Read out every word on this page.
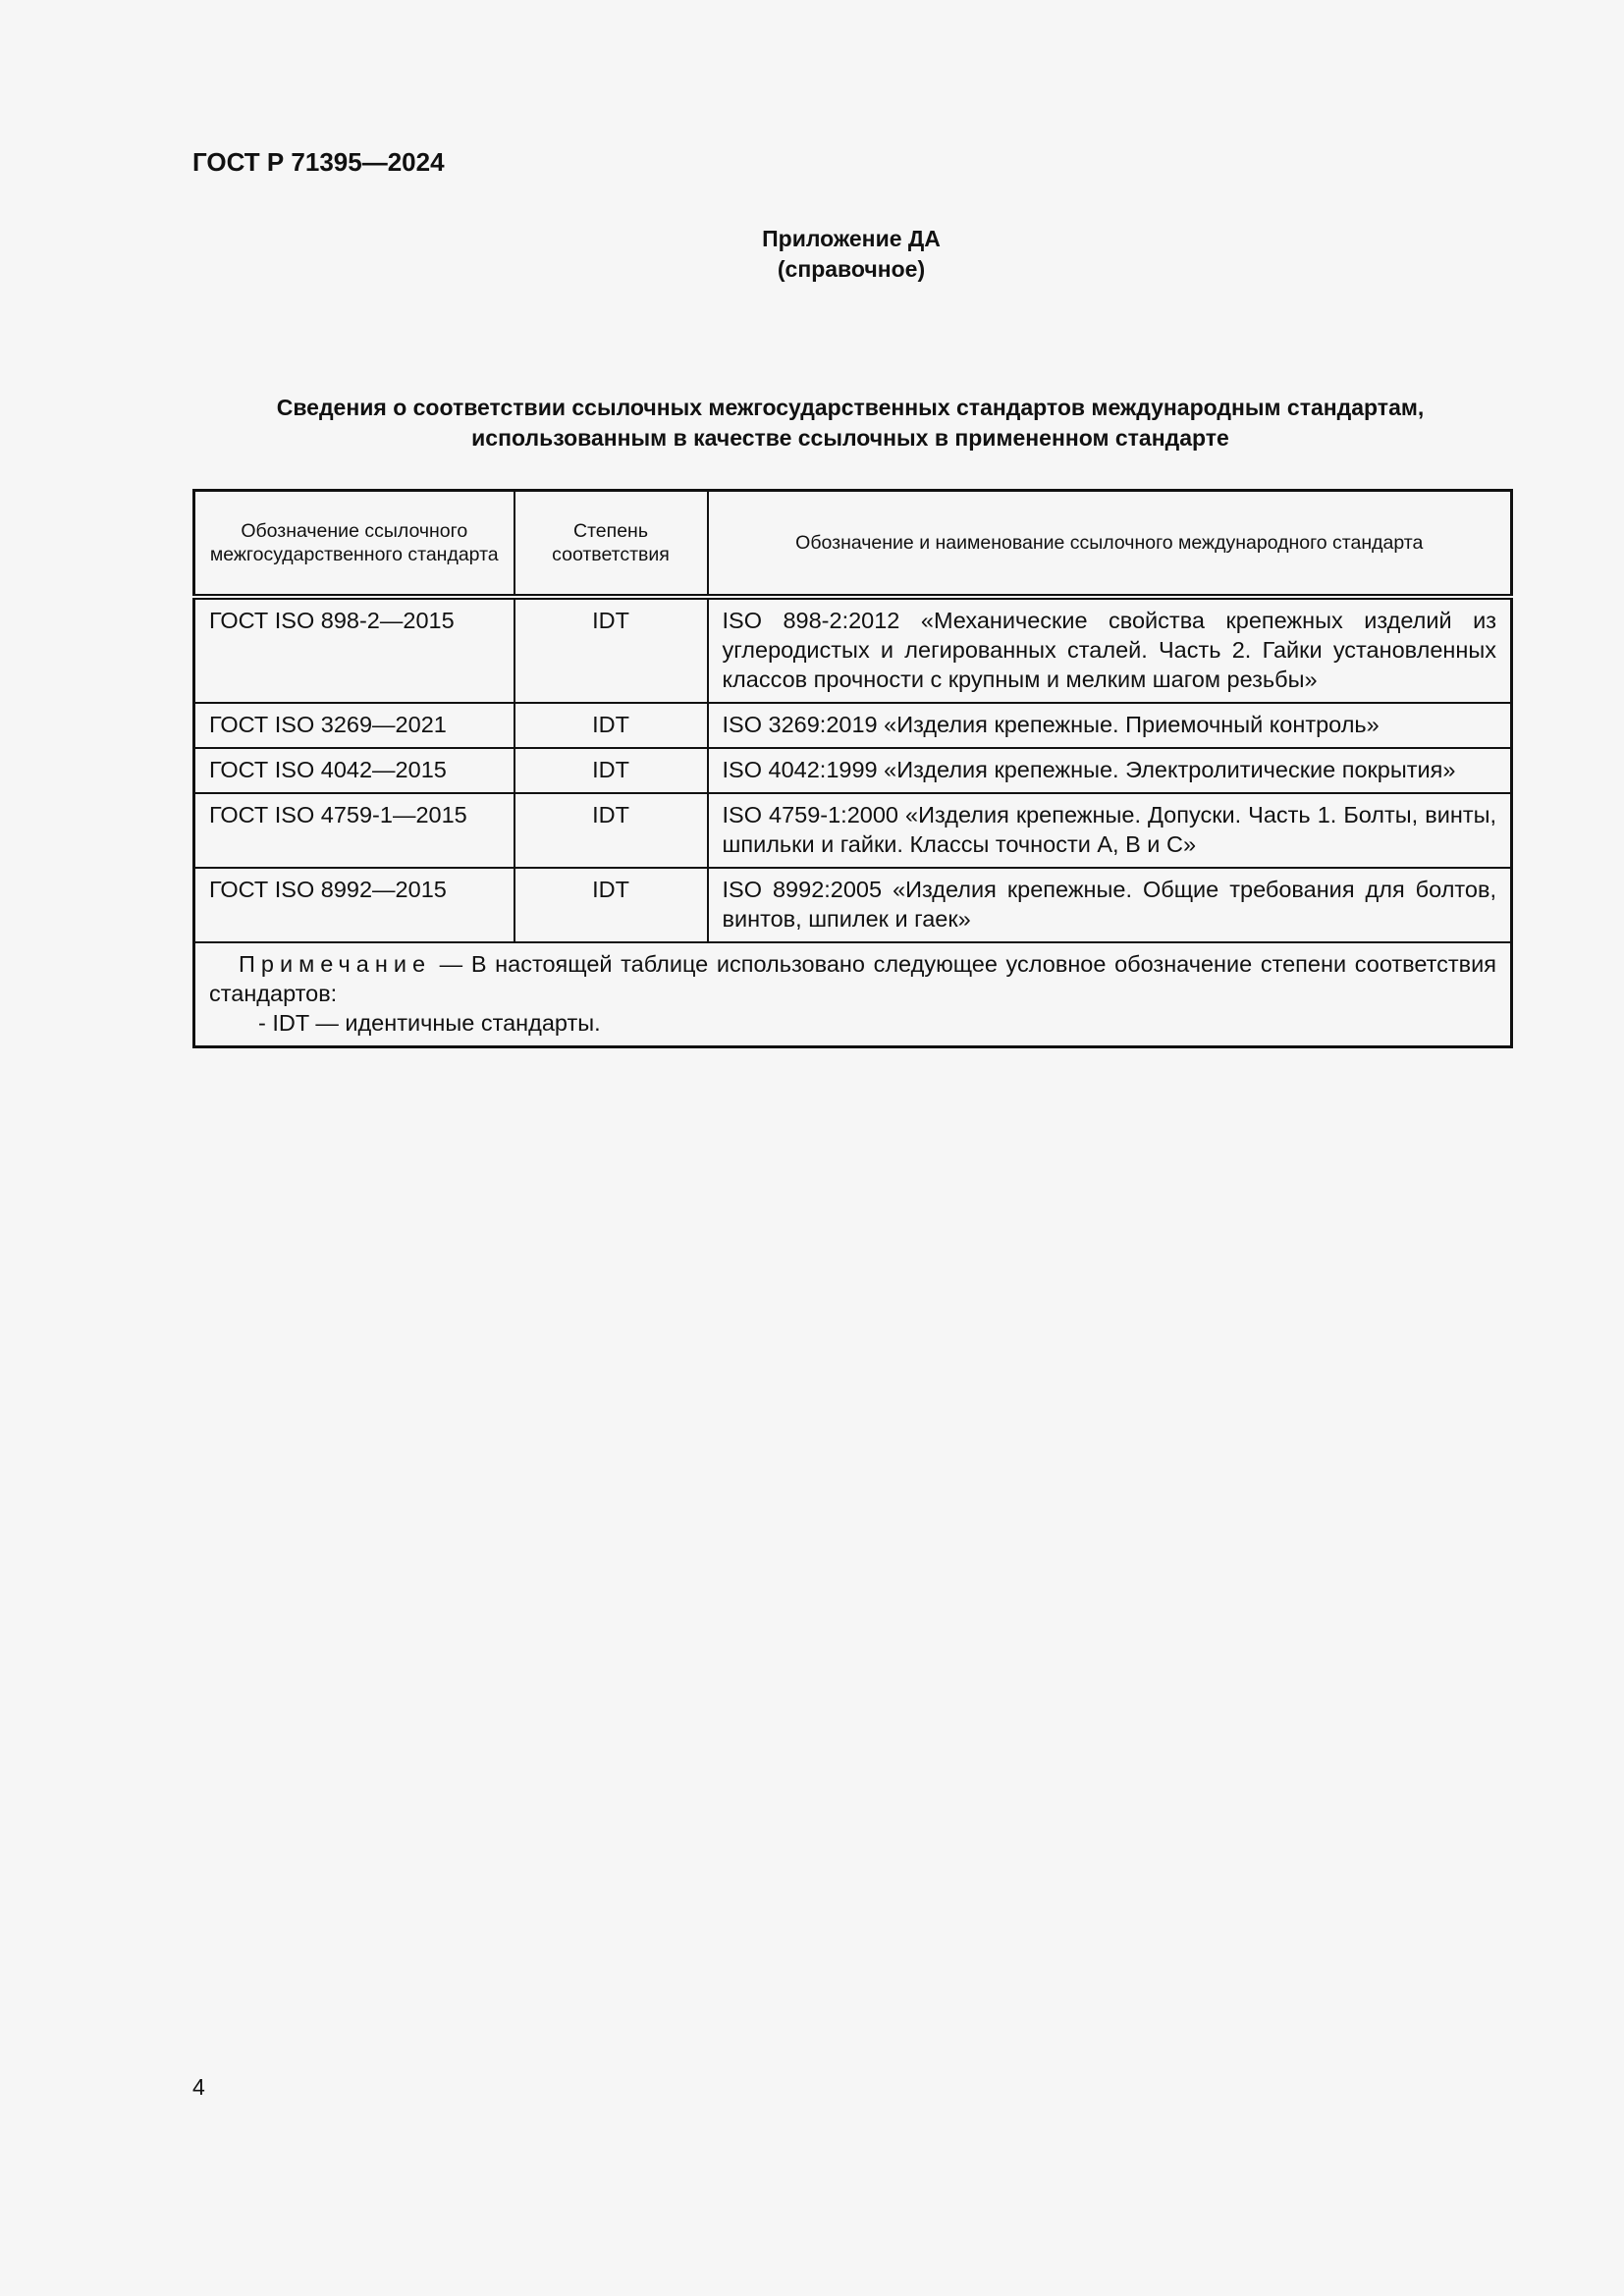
ГОСТ Р 71395—2024
Приложение ДА
(справочное)
Сведения о соответствии ссылочных межгосударственных стандартов международным стандартам,
использованным в качестве ссылочных в примененном стандарте
Обозначение ссылочного межгосударственного стандарта	Степень соответствия	Обозначение и наименование ссылочного международного стандарта
ГОСТ ISO 898-2—2015	IDT	ISO 898-2:2012 «Механические свойства крепежных изделий из углеродистых и легированных сталей. Часть 2. Гайки установленных классов прочности с крупным и мелким шагом резьбы»
ГОСТ ISO 3269—2021	IDT	ISO 3269:2019 «Изделия крепежные. Приемочный контроль»
ГОСТ ISO 4042—2015	IDT	ISO 4042:1999 «Изделия крепежные. Электролитические покрытия»
ГОСТ ISO 4759-1—2015	IDT	ISO 4759-1:2000 «Изделия крепежные. Допуски. Часть 1. Болты, винты, шпильки и гайки. Классы точности А, В и С»
ГОСТ ISO 8992—2015	IDT	ISO 8992:2005 «Изделия крепежные. Общие требования для болтов, винтов, шпилек и гаек»

Примечание — В настоящей таблице использовано следующее условное обозначение степени соответствия стандартов:
- IDT — идентичные стандарты.		
4
